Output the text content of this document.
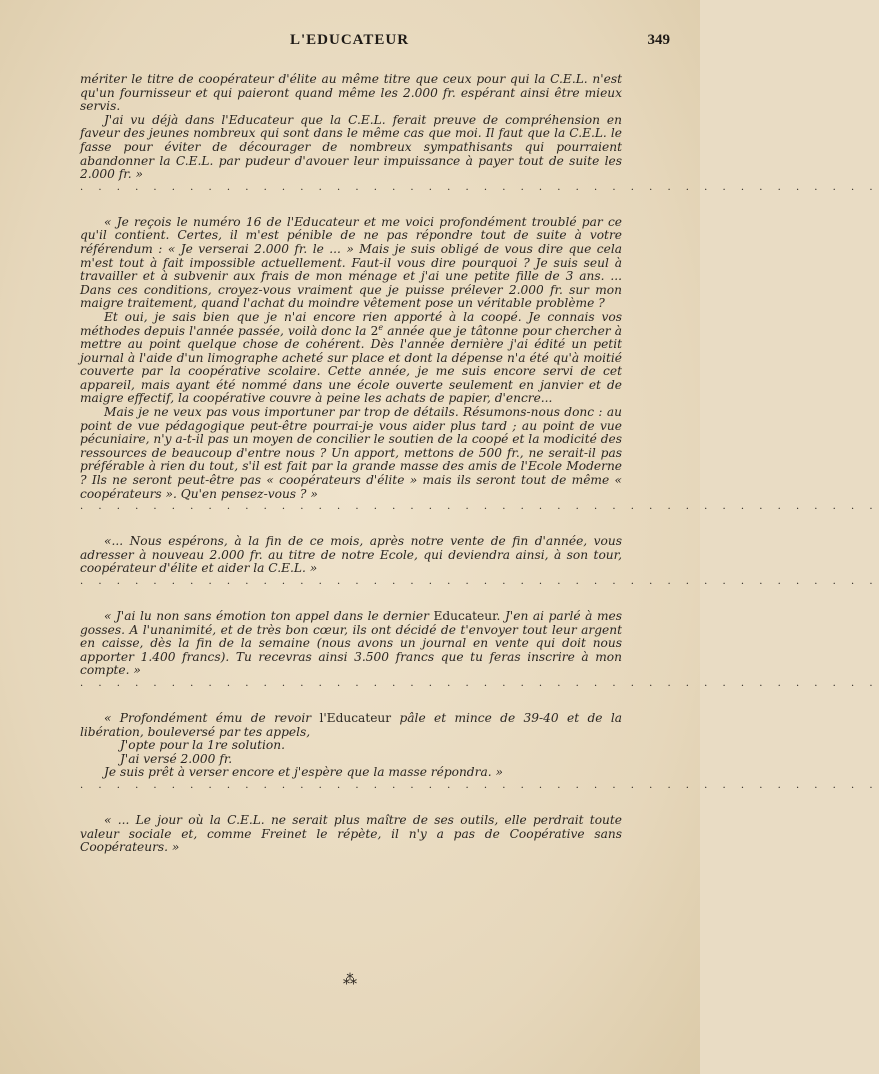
L'EDUCATEUR	349

mériter le titre de coopérateur d'élite au même titre que ceux pour qui la C.E.L. n'est qu'un fournisseur et qui paieront quand même les 2.000 fr. espérant ainsi être mieux servis.

J'ai vu déjà dans l'Educateur que la C.E.L. ferait preuve de compréhension en faveur des jeunes nombreux qui sont dans le même cas que moi. Il faut que la C.E.L. le fasse pour éviter de décourager de nombreux sympathisants qui pourraient abandonner la C.E.L. par pudeur d'avouer leur impuissance à payer tout de suite les 2.000 fr. »

. . . . . . . . . . . . . . . . . . . . . . . . . . . . . . . . . . . . . . . . . . . .

« Je reçois le numéro 16 de l'Educateur et me voici profondément troublé par ce qu'il contient. Certes, il m'est pénible de ne pas répondre tout de suite à votre référendum : « Je verserai 2.000 fr. le ... » Mais je suis obligé de vous dire que cela m'est tout à fait impossible actuellement. Faut-il vous dire pourquoi ? Je suis seul à travailler et à subvenir aux frais de mon ménage et j'ai une petite fille de 3 ans. ... Dans ces conditions, croyez-vous vraiment que je puisse prélever 2.000 fr. sur mon maigre traitement, quand l'achat du moindre vêtement pose un véritable problème ?

Et oui, je sais bien que je n'ai encore rien apporté à la coopé. Je connais vos méthodes depuis l'année passée, voilà donc la 2e année que je tâtonne pour chercher à mettre au point quelque chose de cohérent. Dès l'année dernière j'ai édité un petit journal à l'aide d'un limographe acheté sur place et dont la dépense n'a été qu'à moitié couverte par la coopérative scolaire. Cette année, je me suis encore servi de cet appareil, mais ayant été nommé dans une école ouverte seulement en janvier et de maigre effectif, la coopérative couvre à peine les achats de papier, d'encre...

Mais je ne veux pas vous importuner par trop de détails. Résumons-nous donc : au point de vue pédagogique peut-être pourrai-je vous aider plus tard ; au point de vue pécuniaire, n'y a-t-il pas un moyen de concilier le soutien de la coopé et la modicité des ressources de beaucoup d'entre nous ? Un apport, mettons de 500 fr., ne serait-il pas préférable à rien du tout, s'il est fait par la grande masse des amis de l'Ecole Moderne ? Ils ne seront peut-être pas « coopérateurs d'élite » mais ils seront tout de même « coopérateurs ». Qu'en pensez-vous ? »

. . . . . . . . . . . . . . . . . . . . . . . . . . . . . . . . . . . . . . . . . . . .

«... Nous espérons, à la fin de ce mois, après notre vente de fin d'année, vous adresser à nouveau 2.000 fr. au titre de notre Ecole, qui deviendra ainsi, à son tour, coopérateur d'élite et aider la C.E.L. »

. . . . . . . . . . . . . . . . . . . . . . . . . . . . . . . . . . . . . . . . . . . .

« J'ai lu non sans émotion ton appel dans le dernier Educateur. J'en ai parlé à mes gosses. A l'unanimité, et de très bon cœur, ils ont décidé de t'envoyer tout leur argent en caisse, dès la fin de la semaine (nous avons un journal en vente qui doit nous apporter 1.400 francs). Tu recevras ainsi 3.500 francs que tu feras inscrire à mon compte. »

. . . . . . . . . . . . . . . . . . . . . . . . . . . . . . . . . . . . . . . . . . . .

« Profondément ému de revoir l'Educateur pâle et mince de 39-40 et de la libération, bouleversé par tes appels,

J'opte pour la 1re solution.

J'ai versé 2.000 fr.

Je suis prêt à verser encore et j'espère que la masse répondra. »

. . . . . . . . . . . . . . . . . . . . . . . . . . . . . . . . . . . . . . . . . . . .

« ... Le jour où la C.E.L. ne serait plus maître de ses outils, elle perdrait toute valeur sociale et, comme Freinet le répète, il n'y a pas de Coopérative sans Coopérateurs. »

⁂
